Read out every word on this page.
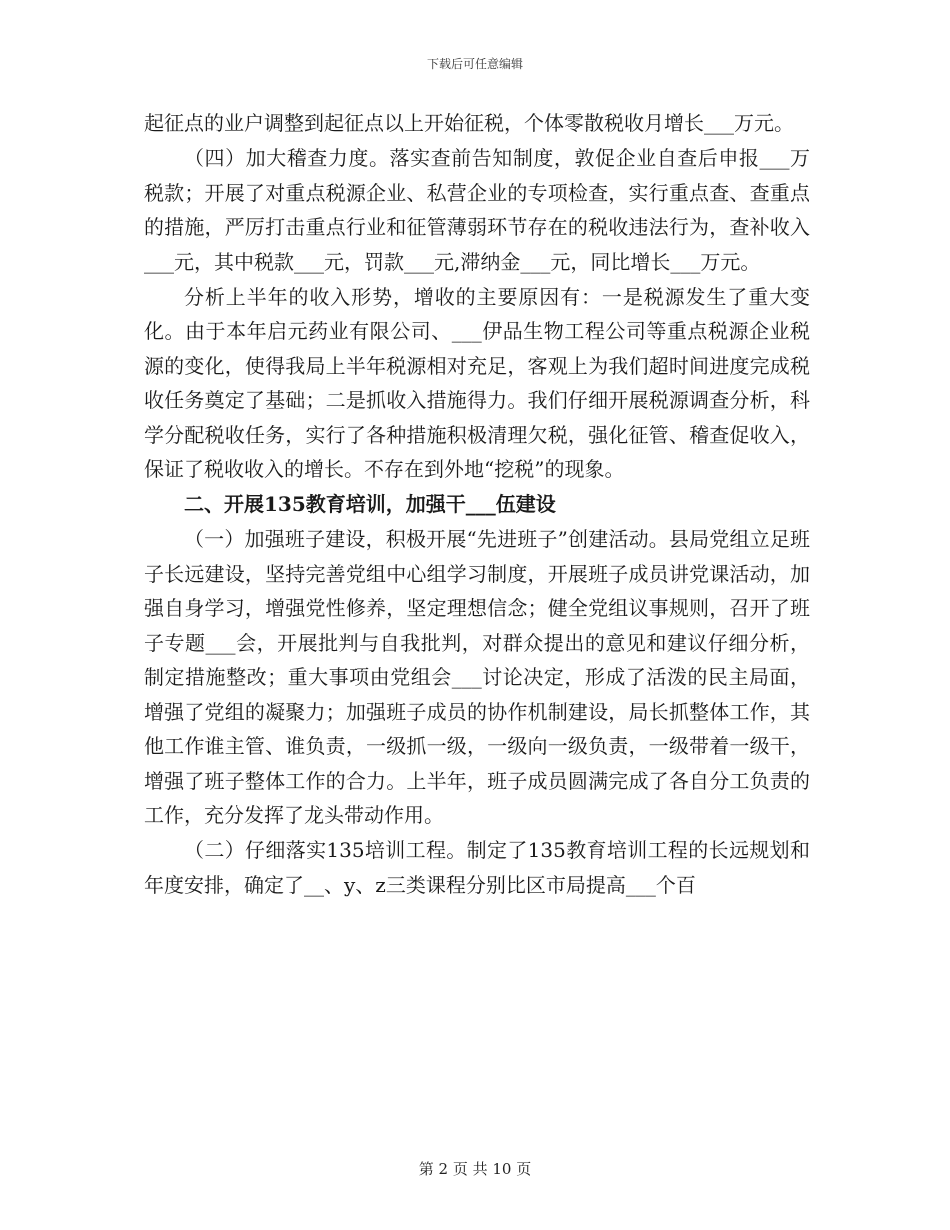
下载后可任意编辑

起征点的业户调整到起征点以上开始征税，个体零散税收月增长___万元。

（四）加大稽查力度。落实查前告知制度，敦促企业自查后申报___万税款；开展了对重点税源企业、私营企业的专项检查，实行重点查、查重点的措施，严厉打击重点行业和征管薄弱环节存在的税收违法行为，查补收入___元，其中税款___元，罚款___元,滞纳金___元，同比增长___万元。

分析上半年的收入形势，增收的主要原因有：一是税源发生了重大变化。由于本年启元药业有限公司、___伊品生物工程公司等重点税源企业税源的变化，使得我局上半年税源相对充足，客观上为我们超时间进度完成税收任务奠定了基础；二是抓收入措施得力。我们仔细开展税源调查分析，科学分配税收任务，实行了各种措施积极清理欠税，强化征管、稽查促收入，保证了税收收入的增长。不存在到外地“挖税”的现象。

二、开展135教育培训，加强干___伍建设

（一）加强班子建设，积极开展“先进班子”创建活动。县局党组立足班子长远建设，坚持完善党组中心组学习制度，开展班子成员讲党课活动，加强自身学习，增强党性修养，坚定理想信念；健全党组议事规则，召开了班子专题___会，开展批判与自我批判，对群众提出的意见和建议仔细分析，制定措施整改；重大事项由党组会___讨论决定，形成了活泼的民主局面，增强了党组的凝聚力；加强班子成员的协作机制建设，局长抓整体工作，其他工作谁主管、谁负责，一级抓一级，一级向一级负责，一级带着一级干，增强了班子整体工作的合力。上半年，班子成员圆满完成了各自分工负责的工作，充分发挥了龙头带动作用。

（二）仔细落实135培训工程。制定了135教育培训工程的长远规划和年度安排，确定了__、y、z三类课程分别比区市局提高___个百

第 2 页 共 10 页
